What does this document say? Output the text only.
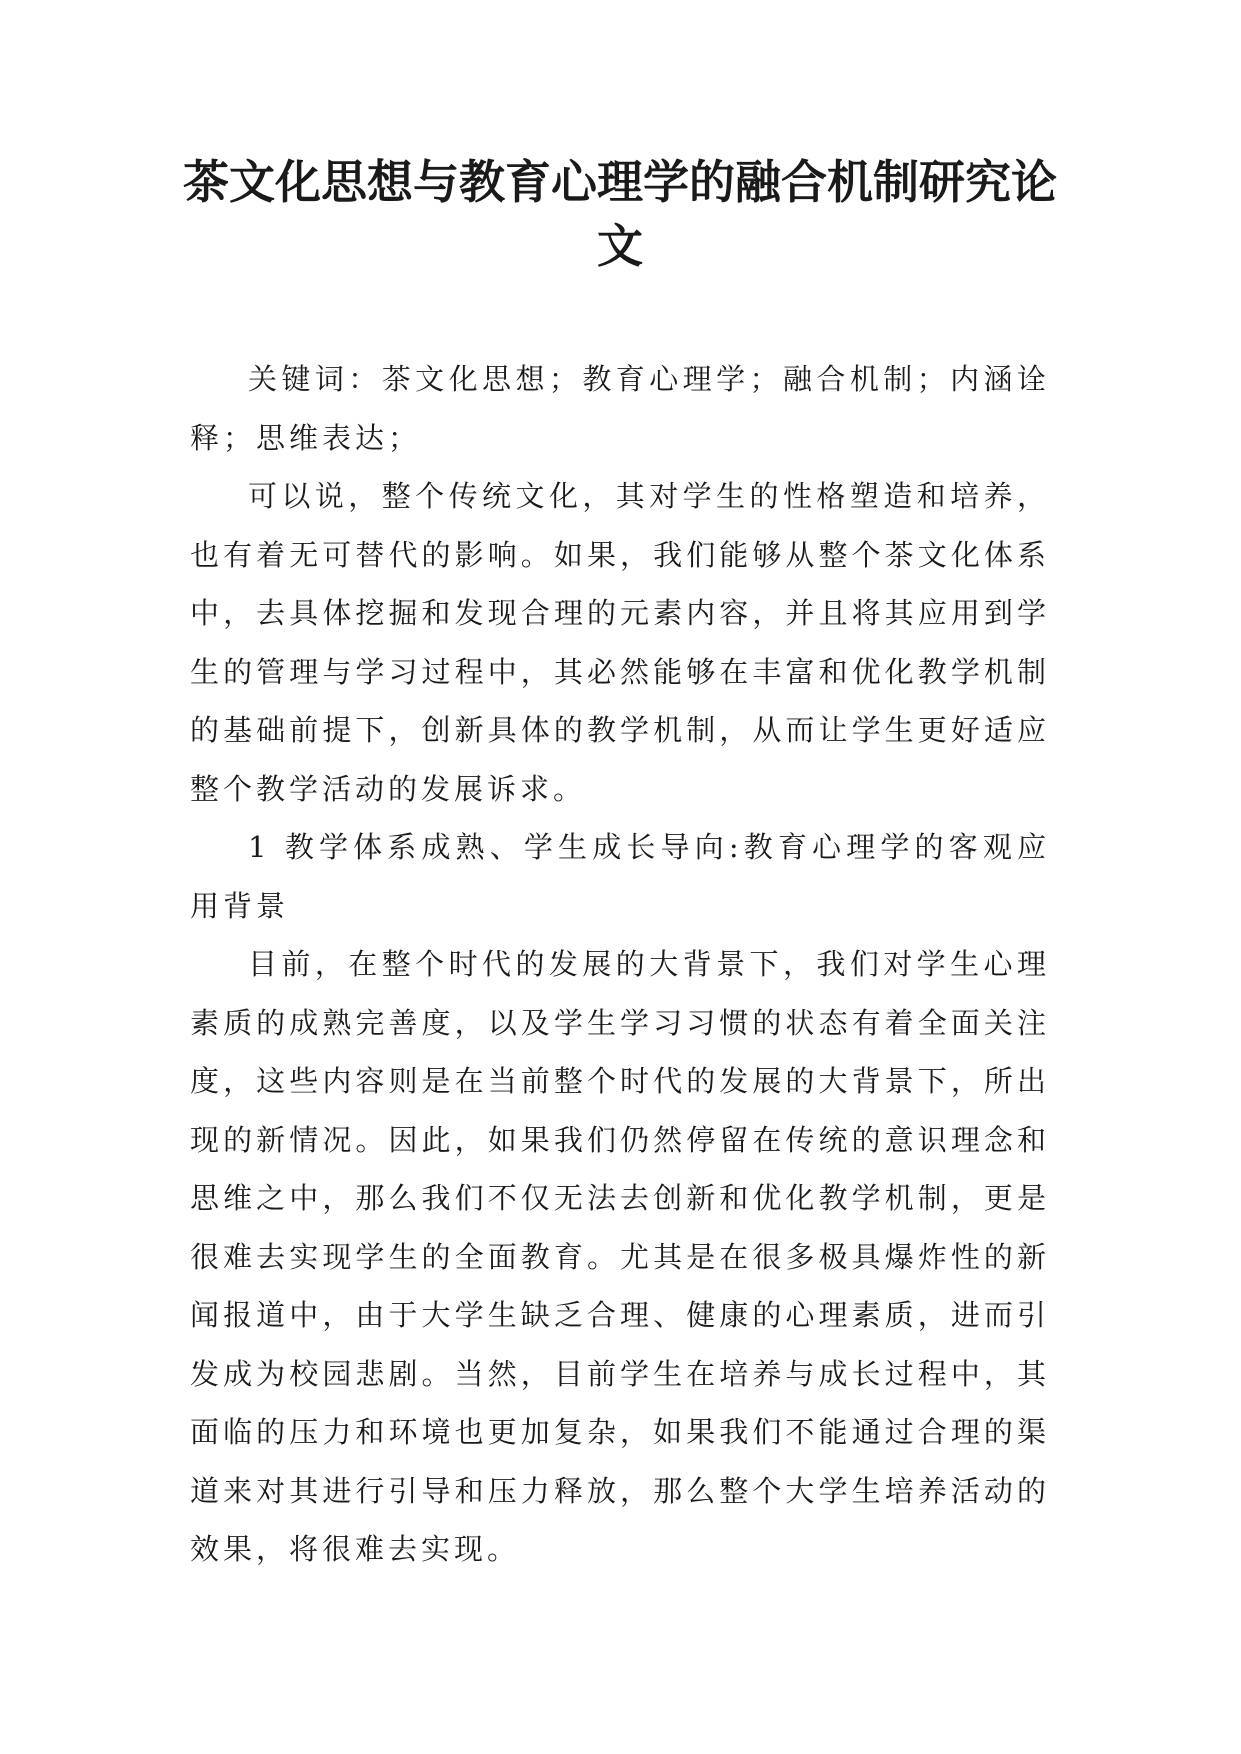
茶文化思想与教育心理学的融合机制研究论文

关键词：茶文化思想；教育心理学；融合机制；内涵诠释；思维表达；

可以说，整个传统文化，其对学生的性格塑造和培养，也有着无可替代的影响。如果，我们能够从整个茶文化体系中，去具体挖掘和发现合理的元素内容，并且将其应用到学生的管理与学习过程中，其必然能够在丰富和优化教学机制的基础前提下，创新具体的教学机制，从而让学生更好适应整个教学活动的发展诉求。

1 教学体系成熟、学生成长导向:教育心理学的客观应用背景

目前，在整个时代的发展的大背景下，我们对学生心理素质的成熟完善度，以及学生学习习惯的状态有着全面关注度，这些内容则是在当前整个时代的发展的大背景下，所出现的新情况。因此，如果我们仍然停留在传统的意识理念和思维之中，那么我们不仅无法去创新和优化教学机制，更是很难去实现学生的全面教育。尤其是在很多极具爆炸性的新闻报道中，由于大学生缺乏合理、健康的心理素质，进而引发成为校园悲剧。当然，目前学生在培养与成长过程中，其面临的压力和环境也更加复杂，如果我们不能通过合理的渠道来对其进行引导和压力释放，那么整个大学生培养活动的效果，将很难去实现。
